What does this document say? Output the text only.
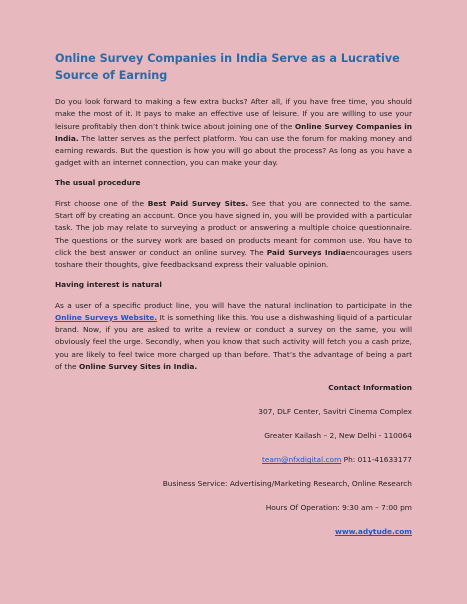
Online Survey Companies in India Serve as a Lucrative Source of Earning

Do you look forward to making a few extra bucks? After all, if you have free time, you should make the most of it. It pays to make an effective use of leisure. If you are willing to use your leisure profitably then don’t think twice about joining one of the Online Survey Companies in India. The latter serves as the perfect platform. You can use the forum for making money and earning rewards. But the question is how you will go about the process? As long as you have a gadget with an internet connection, you can make your day.

The usual procedure

First choose one of the Best Paid Survey Sites. See that you are connected to the same. Start off by creating an account. Once you have signed in, you will be provided with a particular task. The job may relate to surveying a product or answering a multiple choice questionnaire. The questions or the survey work are based on products meant for common use. You have to click the best answer or conduct an online survey. The Paid Surveys Indiaencourages users toshare their thoughts, give feedbacksand express their valuable opinion.

Having interest is natural

As a user of a specific product line, you will have the natural inclination to participate in the Online Surveys Website. It is something like this. You use a dishwashing liquid of a particular brand. Now, if you are asked to write a review or conduct a survey on the same, you will obviously feel the urge. Secondly, when you know that such activity will fetch you a cash prize, you are likely to feel twice more charged up than before. That’s the advantage of being a part of the Online Survey Sites in India.

Contact Information
307, DLF Center, Savitri Cinema Complex
Greater Kailash – 2, New Delhi - 110064
team@nfxdigital.com Ph: 011-41633177
Business Service: Advertising/Marketing Research, Online Research
Hours Of Operation: 9:30 am – 7:00 pm
www.adytude.com
